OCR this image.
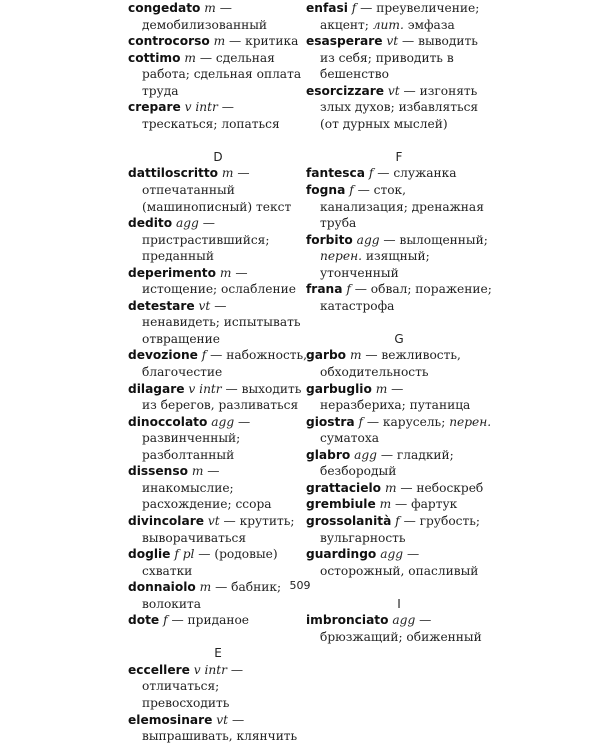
congedato m — демобилизованный

controcorso m — критика

cottimo m — сдельная работа; сдельная оплата труда

crepare v intr — трескаться; лопаться

D

dattiloscritto m — отпечатанный (машинописный) текст

dedito agg — пристрастившийся; преданный

deperimento m — истощение; ослабление

detestare vt — ненавидеть; испытывать отвращение

devozione f — набожность, благочестие

dilagare v intr — выходить из берегов, разливаться

dinoccolato agg — развинченный; разболтанный

dissenso m — инакомыслие; расхождение; ссора

divincolare vt — крутить; выворачиваться

doglie f pl — (родовые) схватки

donnaiolo m — бабник; волокита

dote f — приданое

E

eccellere v intr — отличаться; превосходить

elemosinare vt — выпрашивать, клянчить

enfasi f — преувеличение; акцент; лит. эмфаза

esasperare vt — выводить из себя; приводить в бешенство

esorcizzare vt — изгонять злых духов; избавляться (от дурных мыслей)

F

fantesca f — служанка

fogna f — сток, канализация; дренажная труба

forbito agg — вылощенный; перен. изящный; утонченный

frana f — обвал; поражение; катастрофа

G

garbo m — вежливость, обходительность

garbuglio m — неразбериха; путаница

giostra f — карусель; перен. суматоха

glabro agg — гладкий; безбородый

grattacielo m — небоскреб

grembiule m — фартук

grossolanità f — грубость; вульгарность

guardingo agg — осторожный, опасливый

I

imbronciato agg — брюзжащий; обиженный

509
